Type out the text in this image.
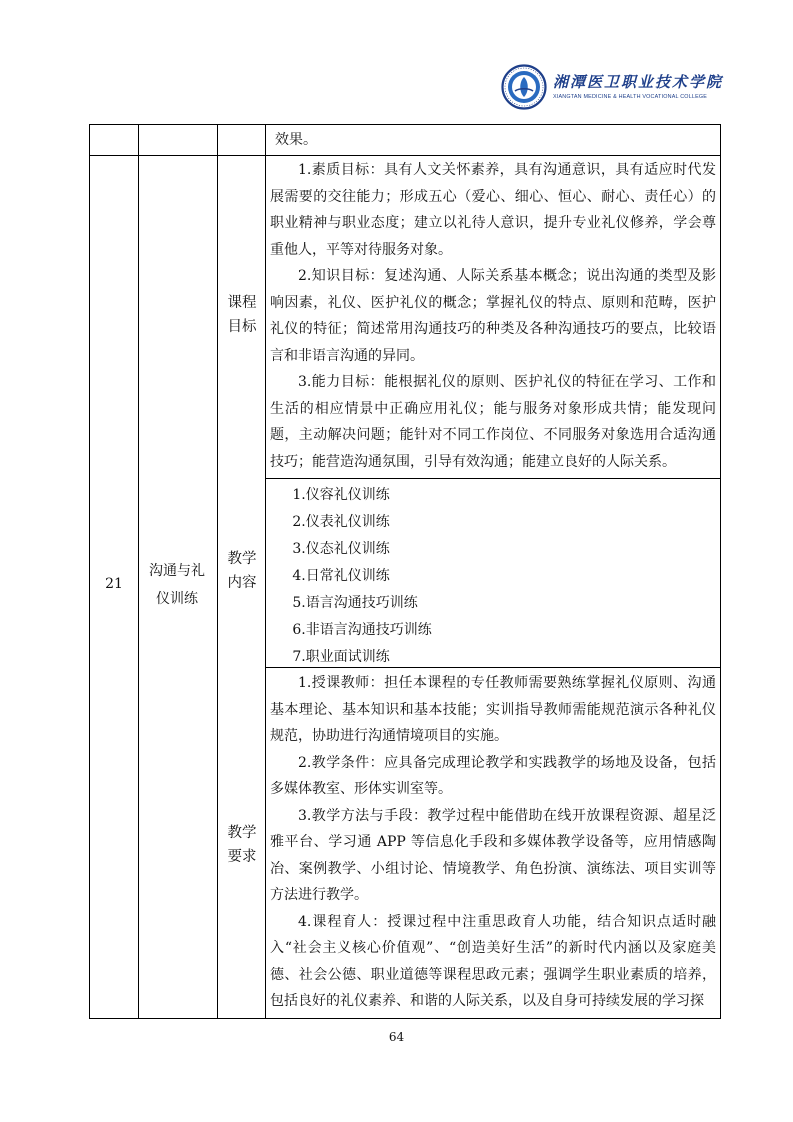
湘潭医卫职业技术学院
XIANGTAN MEDICINE & HEALTH VOCATIONAL COLLEGE
效果。
21
沟通与礼仪训练
课程目标
教学内容
教学要求
1.素质目标：具有人文关怀素养，具有沟通意识，具有适应时代发展需要的交往能力；形成五心（爱心、细心、恒心、耐心、责任心）的职业精神与职业态度；建立以礼待人意识，提升专业礼仪修养，学会尊重他人，平等对待服务对象。
2.知识目标：复述沟通、人际关系基本概念；说出沟通的类型及影响因素，礼仪、医护礼仪的概念；掌握礼仪的特点、原则和范畴，医护礼仪的特征；简述常用沟通技巧的种类及各种沟通技巧的要点，比较语言和非语言沟通的异同。
3.能力目标：能根据礼仪的原则、医护礼仪的特征在学习、工作和生活的相应情景中正确应用礼仪；能与服务对象形成共情；能发现问题，主动解决问题；能针对不同工作岗位、不同服务对象选用合适沟通技巧；能营造沟通氛围，引导有效沟通；能建立良好的人际关系。
1.仪容礼仪训练
2.仪表礼仪训练
3.仪态礼仪训练
4.日常礼仪训练
5.语言沟通技巧训练
6.非语言沟通技巧训练
7.职业面试训练
1.授课教师：担任本课程的专任教师需要熟练掌握礼仪原则、沟通基本理论、基本知识和基本技能；实训指导教师需能规范演示各种礼仪规范，协助进行沟通情境项目的实施。
2.教学条件：应具备完成理论教学和实践教学的场地及设备，包括多媒体教室、形体实训室等。
3.教学方法与手段：教学过程中能借助在线开放课程资源、超星泛雅平台、学习通 APP 等信息化手段和多媒体教学设备等，应用情感陶冶、案例教学、小组讨论、情境教学、角色扮演、演练法、项目实训等方法进行教学。
4.课程育人：授课过程中注重思政育人功能，结合知识点适时融入“社会主义核心价值观”、“创造美好生活”的新时代内涵以及家庭美德、社会公德、职业道德等课程思政元素；强调学生职业素质的培养，包括良好的礼仪素养、和谐的人际关系，以及自身可持续发展的学习探
64
